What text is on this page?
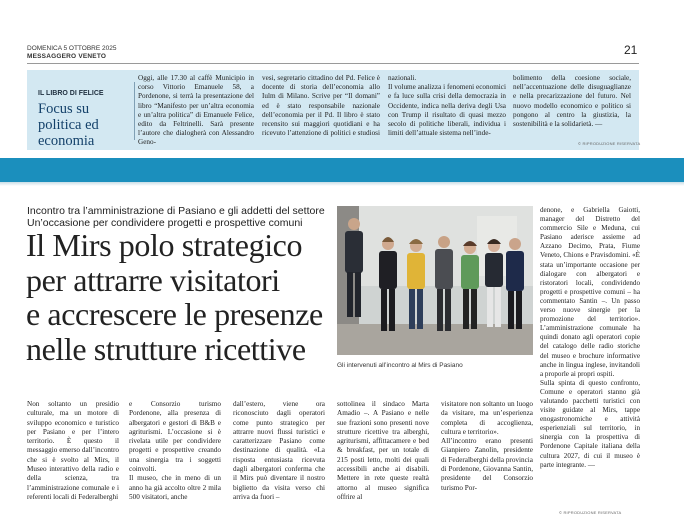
DOMENICA 5 OTTOBRE 2025
MESSAGGERO VENETO	21
IL LIBRO DI FELICE
Focus su politica ed economia
Oggi, alle 17.30 al caffè Municipio in corso Vittorio Emanuele 58, a Pordenone, si terrà la presentazione del libro “Manifesto per un’altra economia e un’altra politica” di Emanuele Felice, edito da Feltrinelli. Sarà presente l’autore che dialogherà con Alessandro Geno-
vesi, segretario cittadino del Pd. Felice è docente di storia dell’economia allo Iulm di Milano. Scrive per “Il domani” ed è stato responsabile nazionale dell’economia per il Pd. Il libro è stato recensito sui maggiori quotidiani e ha ricevuto l’attenzione di politici e studiosi
nazionali.
Il volume analizza i fenomeni economici e fa luce sulla crisi della democrazia in Occidente, indica nella deriva degli Usa con Trump il risultato di quasi mezzo secolo di politiche liberali, individua i limiti dell’attuale sistema nell’inde-
bolimento della coesione sociale, nell’accentuazione delle disuguaglianze e nella precarizzazione del futuro. Nel nuovo modello economico e politico si pongono al centro la giustizia, la sostenibilità e la solidarietà. —
© RIPRODUZIONE RISERVATA
Incontro tra l’amministrazione di Pasiano e gli addetti del settore
Un’occasione per condividere progetti e prospettive comuni
Il Mirs polo strategico
per attrarre visitatori
e accrescere le presenze
nelle strutture ricettive	Gli intervenuti all’incontro al Mirs di Pasiano

Non soltanto un presidio culturale, ma un motore di sviluppo economico e turistico per Pasiano e per l’intero territorio. È questo il messaggio emerso dall’incontro che si è svolto al Mirs, il Museo interattivo della radio e della scienza, tra l’amministrazione comunale e i referenti locali di Federalberghi

e Consorzio turismo Pordenone, alla presenza di albergatori e gestori di B&B e agriturismi. L’occasione si è rivelata utile per condividere progetti e prospettive creando una sinergia tra i soggetti coinvolti.
Il museo, che in meno di un anno ha già accolto oltre 2 mila 500 visitatori, anche

dall’estero, viene ora riconosciuto dagli operatori come punto strategico per attrarre nuovi flussi turistici e caratterizzare Pasiano come destinazione di qualità. «La risposta entusiasta ricevuta dagli albergatori conferma che il Mirs può diventare il nostro biglietto da visita verso chi arriva da fuori –

sottolinea il sindaco Marta Amadio –. A Pasiano e nelle sue frazioni sono presenti nove strutture ricettive tra alberghi, agriturismi, affittacamere e bed & breakfast, per un totale di 215 posti letto, molti dei quali accessibili anche ai disabili. Mettere in rete queste realtà attorno al museo significa offrire al

visitatore non soltanto un luogo da visitare, ma un’esperienza completa di accoglienza, cultura e territorio».
All’incontro erano presenti Gianpiero Zanolin, presidente di Federalberghi della provincia di Pordenone, Giovanna Santin, presidente del Consorzio turismo Por-
denone, e Gabriella Gaiotti, manager del Distretto del commercio Sile e Meduna, cui Pasiano aderisce assieme ad Azzano Decimo, Prata, Fiume Veneto, Chions e Pravisdomini. «È stata un’importante occasione per dialogare con albergatori e ristoratori locali, condividendo progetti e prospettive comuni – ha commentato Santin –. Un passo verso nuove sinergie per la promozione del territorio». L’amministrazione comunale ha quindi donato agli operatori copie del catalogo delle radio storiche del museo e brochure informative anche in lingua inglese, invitandoli a proporle ai propri ospiti.
Sulla spinta di questo confronto, Comune e operatori stanno già valutando pacchetti turistici con visite guidate al Mirs, tappe enogastronomiche e attività esperienziali sul territorio, in sinergia con la prospettiva di Pordenone Capitale italiana della cultura 2027, di cui il museo è parte integrante. —
© RIPRODUZIONE RISERVATA
